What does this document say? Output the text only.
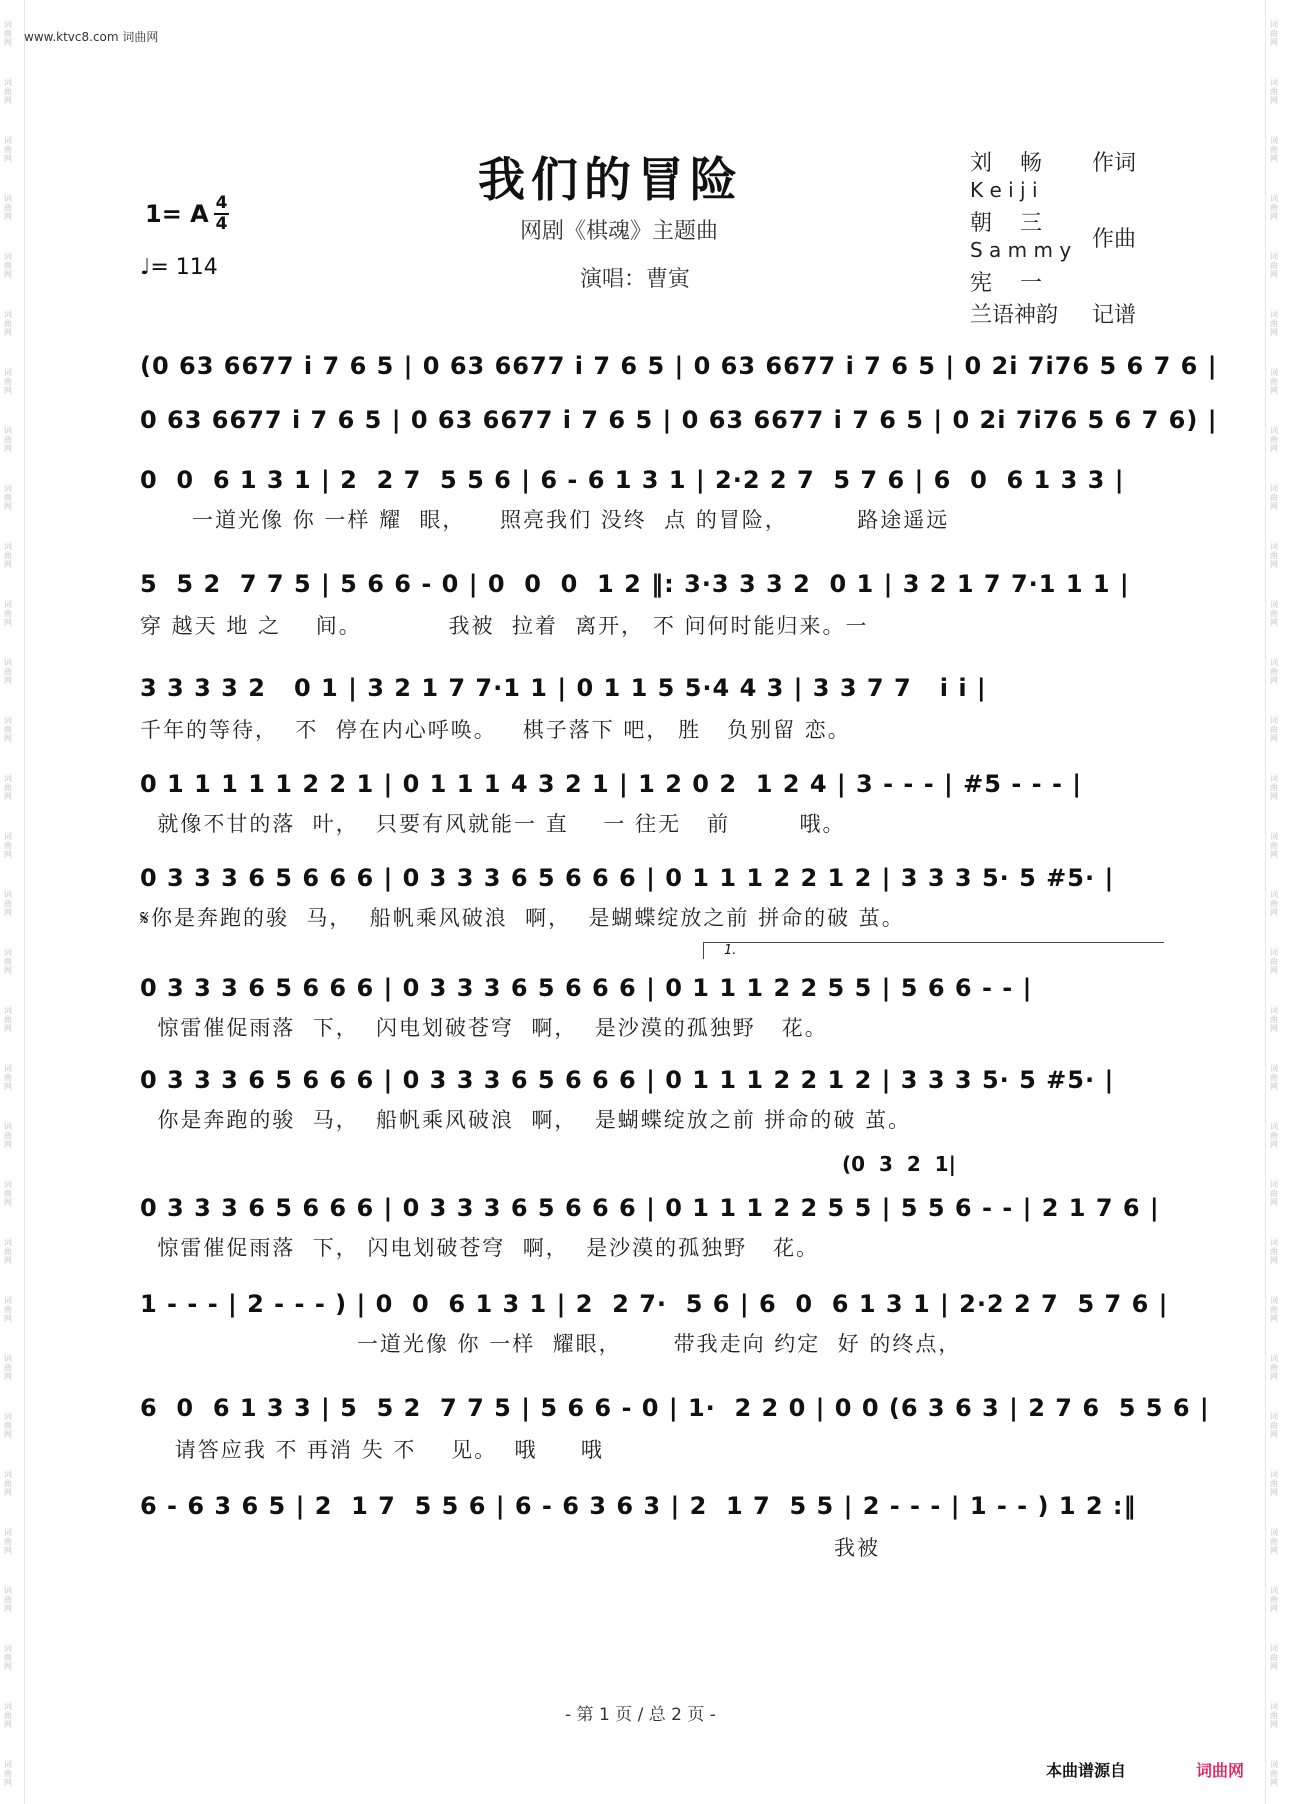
词曲网
词曲网
词曲网
词曲网
词曲网
词曲网
词曲网
词曲网
词曲网
词曲网
词曲网
词曲网
词曲网
词曲网
词曲网
词曲网
词曲网
词曲网
词曲网
词曲网
词曲网
词曲网
词曲网
词曲网
词曲网
词曲网
词曲网
词曲网
词曲网
词曲网
词曲网
词曲网
词曲网
词曲网
词曲网
词曲网
词曲网
词曲网
词曲网
词曲网
词曲网
词曲网
词曲网
词曲网
词曲网
词曲网
词曲网
词曲网
词曲网
词曲网
词曲网
词曲网
词曲网
词曲网
词曲网
词曲网
词曲网
词曲网
词曲网
词曲网
词曲网
词曲网
www.ktvc8.com 词曲网
我们的冒险
网剧《棋魂》主题曲
演唱：曹寅
1= A 4
4
♩= 114
刘    畅 作词
K e i j i
朝    三
S a m m y
宪    一
作曲
兰语神韵 记谱
(0 63 6677 i 7 6 5 | 0 63 6677 i 7 6 5 | 0 63 6677 i 7 6 5 | 0 2i 7i76 5 6 7 6 |
0 63 6677 i 7 6 5 | 0 63 6677 i 7 6 5 | 0 63 6677 i 7 6 5 | 0 2i 7i76 5 6 7 6) |
0  0  6 1 3 1 | 2  2 7  5 5 6 | 6 - 6 1 3 1 | 2·2 2 7  5 7 6 | 6  0  6 1 3 3 |
一道光像 你 一样 耀  眼，    照亮我们 没终  点 的冒险，        路途遥远
5  5 2  7 7 5 | 5 6 6 - 0 | 0  0  0  1 2 ‖: 3·3 3 3 2  0 1 | 3 2 1 7 7·1 1 1 |
穿 越天 地 之    间。          我被  拉着  离开， 不 问何时能归来。一
3 3 3 3 2   0 1 | 3 2 1 7 7·1 1 | 0 1 1 5 5·4 4 3 | 3 3 7 7   i i |
千年的等待，  不  停在内心呼唤。   棋子落下 吧， 胜   负别留 恋。
0 1 1 1 1 1 2 2 1 | 0 1 1 1 4 3 2 1 | 1 2 0 2  1 2 4 | 3 - - - | #5 - - - |
就像不甘的落  叶，  只要有风就能一 直    一 往无   前        哦。
0 3 3 3 6 5 6 6 6 | 0 3 3 3 6 5 6 6 6 | 0 1 1 1 2 2 1 2 | 3 3 3 5· 5 #5· |
𝄋你是奔跑的骏  马，  船帆乘风破浪  啊，  是蝴蝶绽放之前 拼命的破 茧。
1.
0 3 3 3 6 5 6 6 6 | 0 3 3 3 6 5 6 6 6 | 0 1 1 1 2 2 5 5 | 5 6 6 - - |
惊雷催促雨落  下，  闪电划破苍穹  啊，  是沙漠的孤独野   花。
0 3 3 3 6 5 6 6 6 | 0 3 3 3 6 5 6 6 6 | 0 1 1 1 2 2 1 2 | 3 3 3 5· 5 #5· |
你是奔跑的骏  马，  船帆乘风破浪  啊，  是蝴蝶绽放之前 拼命的破 茧。
(0  3  2  1|
0 3 3 3 6 5 6 6 6 | 0 3 3 3 6 5 6 6 6 | 0 1 1 1 2 2 5 5 | 5 5 6 - - | 2 1 7 6 |
惊雷催促雨落  下， 闪电划破苍穹  啊，  是沙漠的孤独野   花。
1 - - - | 2 - - - ) | 0  0  6 1 3 1 | 2  2 7·  5 6 | 6  0  6 1 3 1 | 2·2 2 7  5 7 6 |
一道光像 你 一样  耀眼，      带我走向 约定  好 的终点，
6  0  6 1 3 3 | 5  5 2  7 7 5 | 5 6 6 - 0 | 1·  2 2 0 | 0 0 (6 3 6 3 | 2 7 6  5 5 6 |
请答应我 不 再消 失 不    见。  哦     哦
6 - 6 3 6 5 | 2  1 7  5 5 6 | 6 - 6 3 6 3 | 2  1 7  5 5 | 2 - - - | 1 - - ) 1 2 :‖
我被
- 第 1 页 / 总 2 页 -
本曲谱源自	词曲网
